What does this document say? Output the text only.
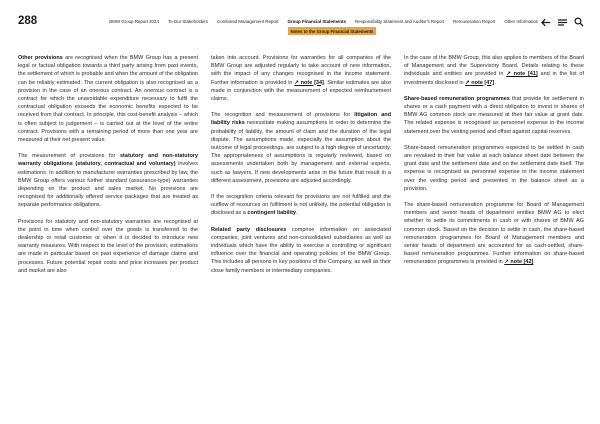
288	BMW Group Report 2024 To Our Stakeholders Combined Management Report Group Financial Statements
Notes to the Group Financial Statements
Responsibility Statement and Auditor's Report Remuneration Report Other Information

Other provisions are recognised when the BMW Group has a present legal or factual obligation towards a third party arising from past events, the settlement of which is probable and when the amount of the obligation can be reliably estimated. The current obligation is also recognised as a provision in the case of an onerous contract. An onerous contract is a contract for which the unavoidable expenditure necessary to fulfil the contractual obligation exceeds the economic benefits expected to be received from that contract. In principle, this cost-benefit analysis – which is often subject to judgement – is carried out at the level of the entire contract. Provisions with a remaining period of more than one year are measured at their net present value.

The measurement of provisions for statutory and non-statutory warranty obligations (statutory, contractual and voluntary) involves estimations. In addition to manufacturer warranties prescribed by law, the BMW Group offers various further standard (assurance-type) warranties depending on the product and sales market. No provisions are recognised for additionally offered service packages that are treated as separate performance obligations.

Provisions for statutory and non-statutory warranties are recognised at the point in time when control over the goods is transferred to the dealership or retail customer or when it is decided to introduce new warranty measures. With respect to the level of the provision, estimations are made in particular based on past experience of damage claims and processes. Future potential repair costs and price increases per product and market are also

taken into account. Provisions for warranties for all companies of the BMW Group are adjusted regularly to take account of new information, with the impact of any changes recognised in the income statement. Further information is provided in ↗ note [34]. Similar estimates are also made in conjunction with the measurement of expected reimbursement claims.

The recognition and measurement of provisions for litigation and liability risks necessitate making assumptions in order to determine the probability of liability, the amount of claim and the duration of the legal dispute. The assumptions made, especially the assumption about the outcome of legal proceedings, are subject to a high degree of uncertainty. The appropriateness of assumptions is regularly reviewed, based on assessments undertaken both by management and external experts, such as lawyers. If new developments arise in the future that result in a different assessment, provisions are adjusted accordingly.

If the recognition criteria relevant for provisions are not fulfilled and the outflow of resources on fulfilment is not unlikely, the potential obligation is disclosed as a contingent liability.

Related party disclosures comprise information on associated companies, joint ventures and non-consolidated subsidiaries as well as individuals which have the ability to exercise a controlling or significant influence over the financial and operating policies of the BMW Group. This includes all persons in key positions of the Company, as well as their close family members or intermediary companies.

In the case of the BMW Group, this also applies to members of the Board of Management and the Supervisory Board. Details relating to these individuals and entities are provided in ↗ note [41] and in the list of investments disclosed in ↗ note [47].

Share-based remuneration programmes that provide for settlement in shares or a cash payment with a direct obligation to invest in shares of BMW AG common stock are measured at their fair value at grant date. The related expense is recognised as personnel expense in the income statement over the vesting period and offset against capital reserves.

Share-based remuneration programmes expected to be settled in cash are revalued to their fair value at each balance sheet date between the grant date and the settlement date and on the settlement date itself. The expense is recognised as personnel expense in the income statement over the vesting period and presented in the balance sheet as a provision.

The share-based remuneration programme for Board of Management members and senior heads of department entitles BMW AG to elect whether to settle its commitments in cash or with shares of BMW AG common stock. Based on the decision to settle in cash, the share-based remuneration programmes for Board of Management members and senior heads of department are accounted for as cash-settled, share-based remuneration programmes. Further information on share-based remuneration programmes is provided in ↗ note [42].
